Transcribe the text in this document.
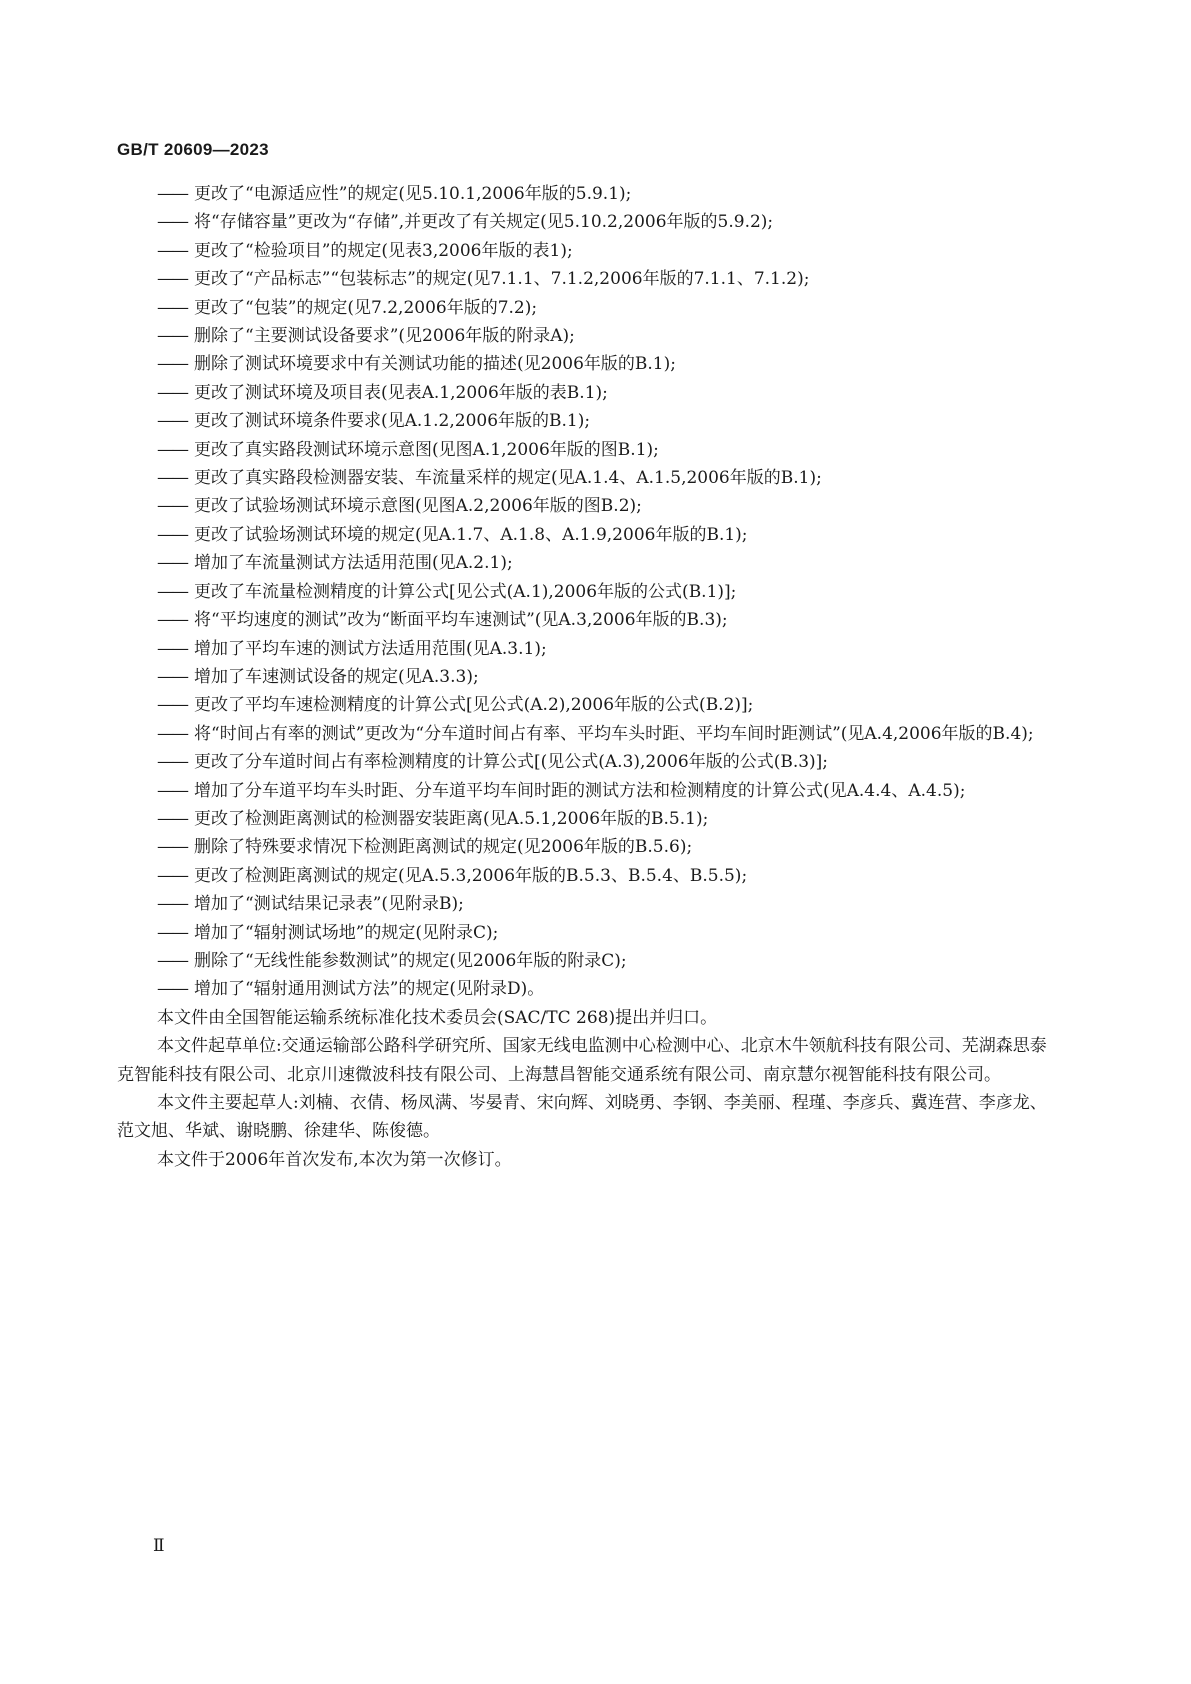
GB/T 20609—2023

—— 更改了“电源适应性”的规定(见5.10.1,2006年版的5.9.1);
—— 将“存储容量”更改为“存储”,并更改了有关规定(见5.10.2,2006年版的5.9.2);
—— 更改了“检验项目”的规定(见表3,2006年版的表1);
—— 更改了“产品标志”“包装标志”的规定(见7.1.1、7.1.2,2006年版的7.1.1、7.1.2);
—— 更改了“包装”的规定(见7.2,2006年版的7.2);
—— 删除了“主要测试设备要求”(见2006年版的附录A);
—— 删除了测试环境要求中有关测试功能的描述(见2006年版的B.1);
—— 更改了测试环境及项目表(见表A.1,2006年版的表B.1);
—— 更改了测试环境条件要求(见A.1.2,2006年版的B.1);
—— 更改了真实路段测试环境示意图(见图A.1,2006年版的图B.1);
—— 更改了真实路段检测器安装、车流量采样的规定(见A.1.4、A.1.5,2006年版的B.1);
—— 更改了试验场测试环境示意图(见图A.2,2006年版的图B.2);
—— 更改了试验场测试环境的规定(见A.1.7、A.1.8、A.1.9,2006年版的B.1);
—— 增加了车流量测试方法适用范围(见A.2.1);
—— 更改了车流量检测精度的计算公式[见公式(A.1),2006年版的公式(B.1)];
—— 将“平均速度的测试”改为“断面平均车速测试”(见A.3,2006年版的B.3);
—— 增加了平均车速的测试方法适用范围(见A.3.1);
—— 增加了车速测试设备的规定(见A.3.3);
—— 更改了平均车速检测精度的计算公式[见公式(A.2),2006年版的公式(B.2)];
—— 将“时间占有率的测试”更改为“分车道时间占有率、平均车头时距、平均车间时距测试”(见A.4,2006年版的B.4);
—— 更改了分车道时间占有率检测精度的计算公式[(见公式(A.3),2006年版的公式(B.3)];
—— 增加了分车道平均车头时距、分车道平均车间时距的测试方法和检测精度的计算公式(见A.4.4、A.4.5);
—— 更改了检测距离测试的检测器安装距离(见A.5.1,2006年版的B.5.1);
—— 删除了特殊要求情况下检测距离测试的规定(见2006年版的B.5.6);
—— 更改了检测距离测试的规定(见A.5.3,2006年版的B.5.3、B.5.4、B.5.5);
—— 增加了“测试结果记录表”(见附录B);
—— 增加了“辐射测试场地”的规定(见附录C);
—— 删除了“无线性能参数测试”的规定(见2006年版的附录C);
—— 增加了“辐射通用测试方法”的规定(见附录D)。

本文件由全国智能运输系统标准化技术委员会(SAC/TC 268)提出并归口。

本文件起草单位:交通运输部公路科学研究所、国家无线电监测中心检测中心、北京木牛领航科技有限公司、芜湖森思泰克智能科技有限公司、北京川速微波科技有限公司、上海慧昌智能交通系统有限公司、南京慧尔视智能科技有限公司。

本文件主要起草人:刘楠、衣倩、杨凤满、岑晏青、宋向辉、刘晓勇、李钢、李美丽、程瑾、李彦兵、冀连营、李彦龙、范文旭、华斌、谢晓鹏、徐建华、陈俊德。

本文件于2006年首次发布,本次为第一次修订。

Ⅱ
